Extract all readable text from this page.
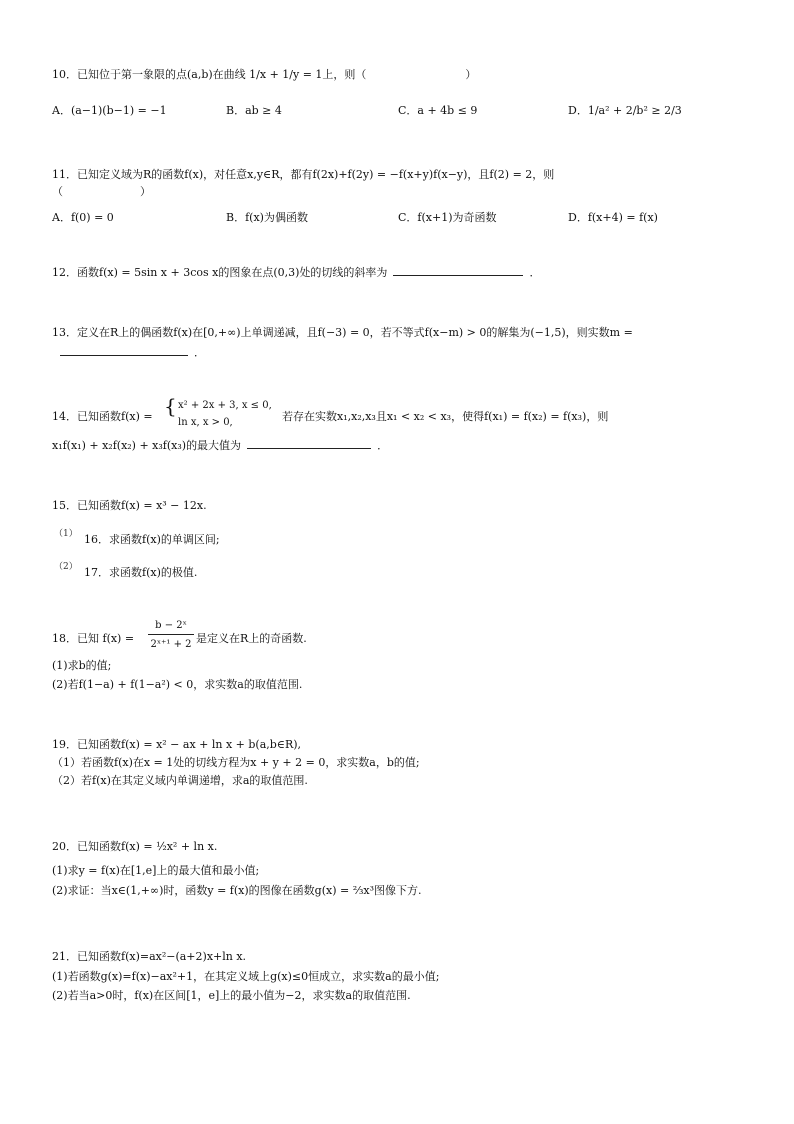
10．已知位于第一象限的点(a,b)在曲线 1/x + 1/y = 1上，则（　　　　　　　　　）
A．(a−1)(b−1) = −1	B．ab ≥ 4	C．a + 4b ≤ 9	D．1/a² + 2/b² ≥ 2/3
11．已知定义域为R的函数f(x)，对任意x,y∈R，都有f(2x)+f(2y) = −f(x+y)f(x−y)，且f(2) = 2，则
（　　　　　　　）
A．f(0) = 0	B．f(x)为偶函数	C．f(x+1)为奇函数	D．f(x+4) = f(x)
12．函数f(x) = 5sin x + 3cos x的图象在点(0,3)处的切线的斜率为	．
13．定义在R上的偶函数f(x)在[0,+∞)上单调递减，且f(−3) = 0，若不等式f(x−m) > 0的解集为(−1,5)，则实数m =
．
14．已知函数f(x) = { x² + 2x + 3, x ≤ 0,
ln x, x > 0,	若存在实数x₁,x₂,x₃且x₁ < x₂ < x₃，使得f(x₁) = f(x₂) = f(x₃)，则
x₁f(x₁) + x₂f(x₂) + x₃f(x₃)的最大值为	．
15．已知函数f(x) = x³ − 12x.
（1） 16．求函数f(x)的单调区间;
（2） 17．求函数f(x)的极值.
18．已知 f(x) =
b − 2ˣ
2ˣ⁺¹ + 2 是定义在R上的奇函数.
(1)求b的值;
(2)若f(1−a) + f(1−a²) < 0，求实数a的取值范围.
19．已知函数f(x) = x² − ax + ln x + b(a,b∈R),
（1）若函数f(x)在x = 1处的切线方程为x + y + 2 = 0，求实数a，b的值;
（2）若f(x)在其定义域内单调递增，求a的取值范围.
20．已知函数f(x) = ½x² + ln x.
(1)求y = f(x)在[1,e]上的最大值和最小值;
(2)求证：当x∈(1,+∞)时，函数y = f(x)的图像在函数g(x) = ⅔x³图像下方.
21．已知函数f(x)=ax²−(a+2)x+ln x.
(1)若函数g(x)=f(x)−ax²+1，在其定义域上g(x)≤0恒成立，求实数a的最小值;
(2)若当a>0时，f(x)在区间[1，e]上的最小值为−2，求实数a的取值范围.
